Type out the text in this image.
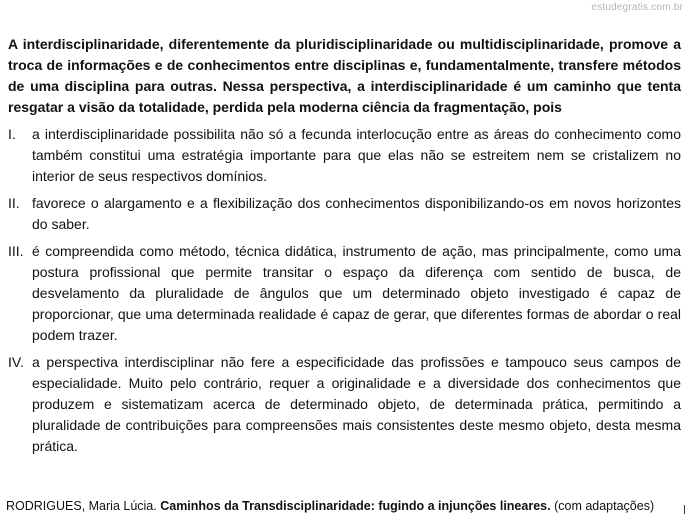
estudegratis.com.br

A interdisciplinaridade, diferentemente da pluridisciplinaridade ou multidisciplinaridade, promove a troca de informações e de conhecimentos entre disciplinas e, fundamentalmente, transfere métodos de uma disciplina para outras. Nessa perspectiva, a interdisciplinaridade é um caminho que tenta resgatar a visão da totalidade, perdida pela moderna ciência da fragmentação, pois

I.	a interdisciplinaridade possibilita não só a fecunda interlocução entre as áreas do conhecimento como também constitui uma estratégia importante para que elas não se estreitem nem se cristalizem no interior de seus respectivos domínios.
II. favorece o alargamento e a flexibilização dos conhecimentos disponibilizando-os em novos horizontes do saber.
III. é compreendida como método, técnica didática, instrumento de ação, mas principalmente, como uma postura profissional que permite transitar o espaço da diferença com sentido de busca, de desvelamento da pluralidade de ângulos que um determinado objeto investigado é capaz de proporcionar, que uma determinada realidade é capaz de gerar, que diferentes formas de abordar o real podem trazer.
IV. a perspectiva interdisciplinar não fere a especificidade das profissões e tampouco seus campos de especialidade. Muito pelo contrário, requer a originalidade e a diversidade dos conhecimentos que produzem e sistematizam acerca de determinado objeto, de determinada prática, permitindo a pluralidade de contribuições para compreensões mais consistentes deste mesmo objeto, desta mesma prática.
RODRIGUES, Maria Lúcia. Caminhos da Transdisciplinaridade: fugindo a injunções lineares. (com adaptações)
